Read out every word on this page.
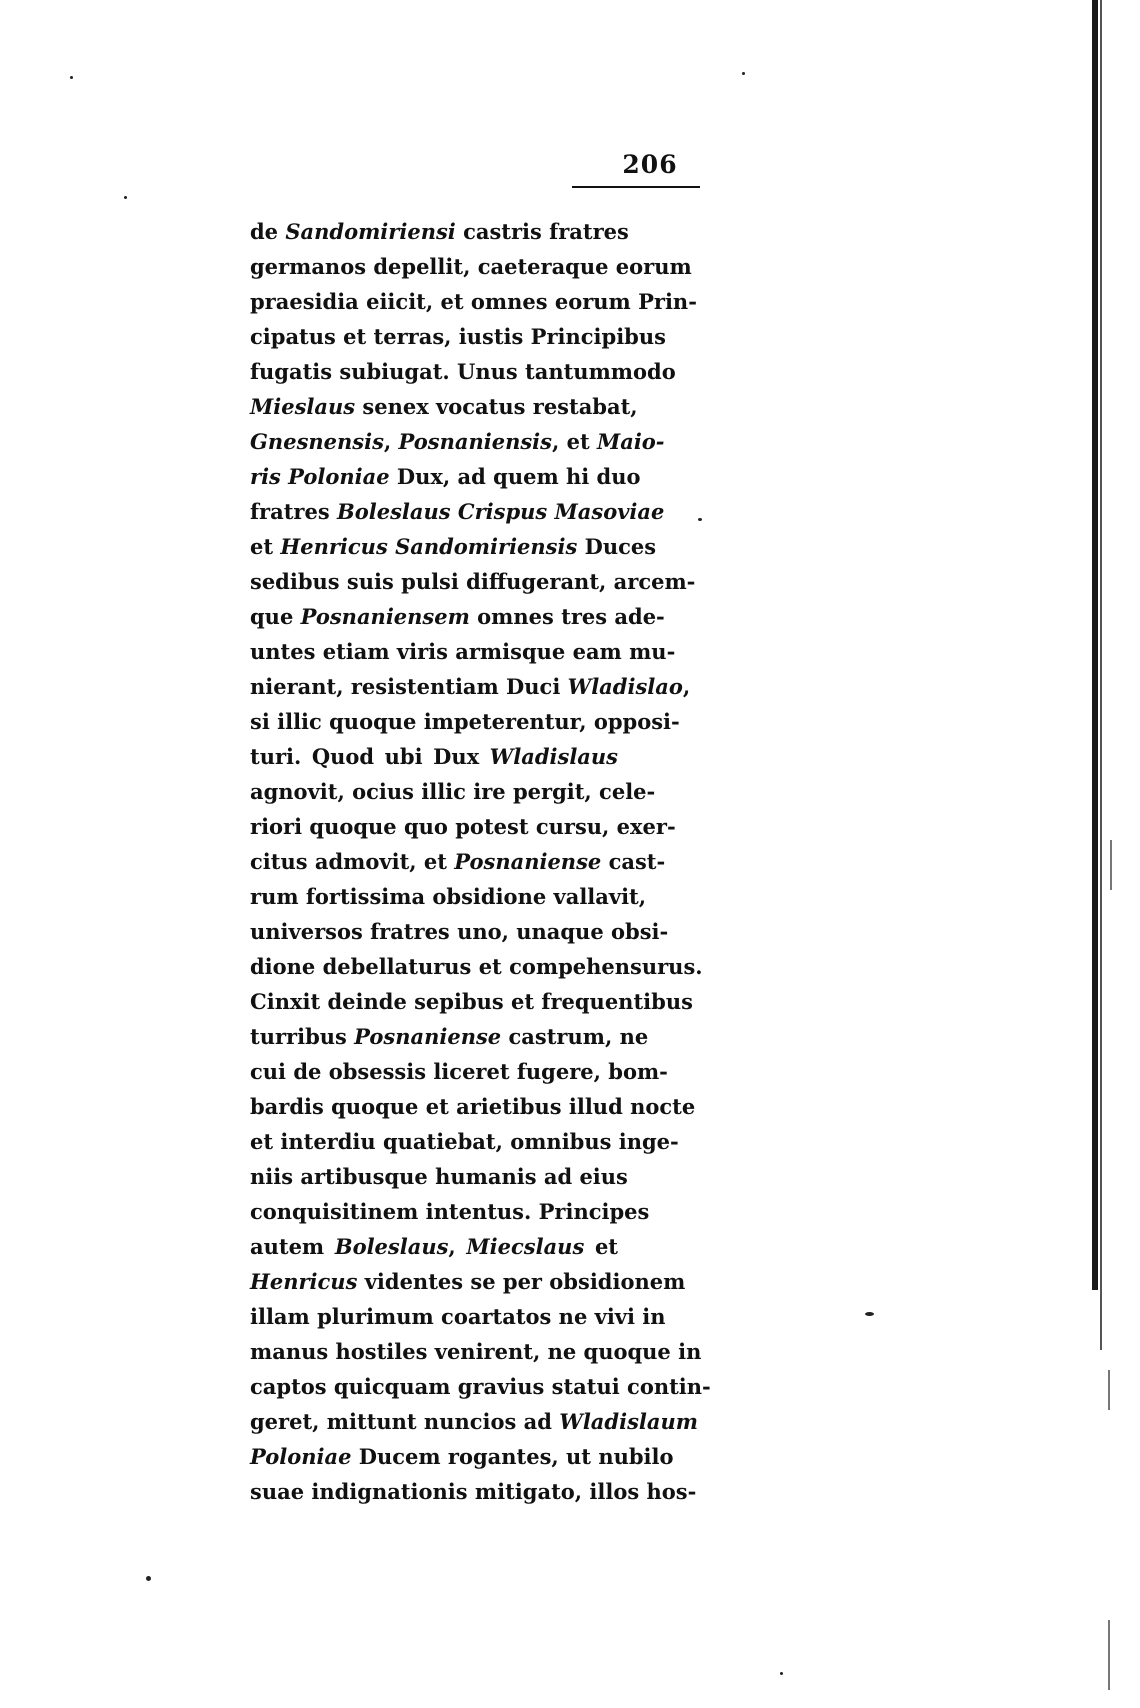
206
de Sandomiriensi castris fratres
germanos depellit, caeteraque eorum
praesidia eiicit, et omnes eorum Prin-
cipatus et terras, iustis Principibus
fugatis subiugat. Unus tantummodo
Mieslaus senex vocatus restabat,
Gnesnensis, Posnaniensis, et Maio-
ris Poloniae Dux, ad quem hi duo
fratres Boleslaus Crispus Masoviae
et Henricus Sandomiriensis Duces
sedibus suis pulsi diffugerant, arcem-
que Posnaniensem omnes tres ade-
untes etiam viris armisque eam mu-
nierant, resistentiam Duci Wladislao,
si illic quoque impeterentur, opposi-
turi. Quod ubi Dux Wladislaus
agnovit, ocius illic ire pergit, cele-
riori quoque quo potest cursu, exer-
citus admovit, et Posnaniense cast-
rum fortissima obsidione vallavit,
universos fratres uno, unaque obsi-
dione debellaturus et compehensurus.
Cinxit deinde sepibus et frequentibus
turribus Posnaniense castrum, ne
cui de obsessis liceret fugere, bom-
bardis quoque et arietibus illud nocte
et interdiu quatiebat, omnibus inge-
niis artibusque humanis ad eius
conquisitinem intentus. Principes
autem Boleslaus, Miecslaus et
Henricus videntes se per obsidionem
illam plurimum coartatos ne vivi in
manus hostiles venirent, ne quoque in
captos quicquam gravius statui contin-
geret, mittunt nuncios ad Wladislaum
Poloniae Ducem rogantes, ut nubilo
suae indignationis mitigato, illos hos-
